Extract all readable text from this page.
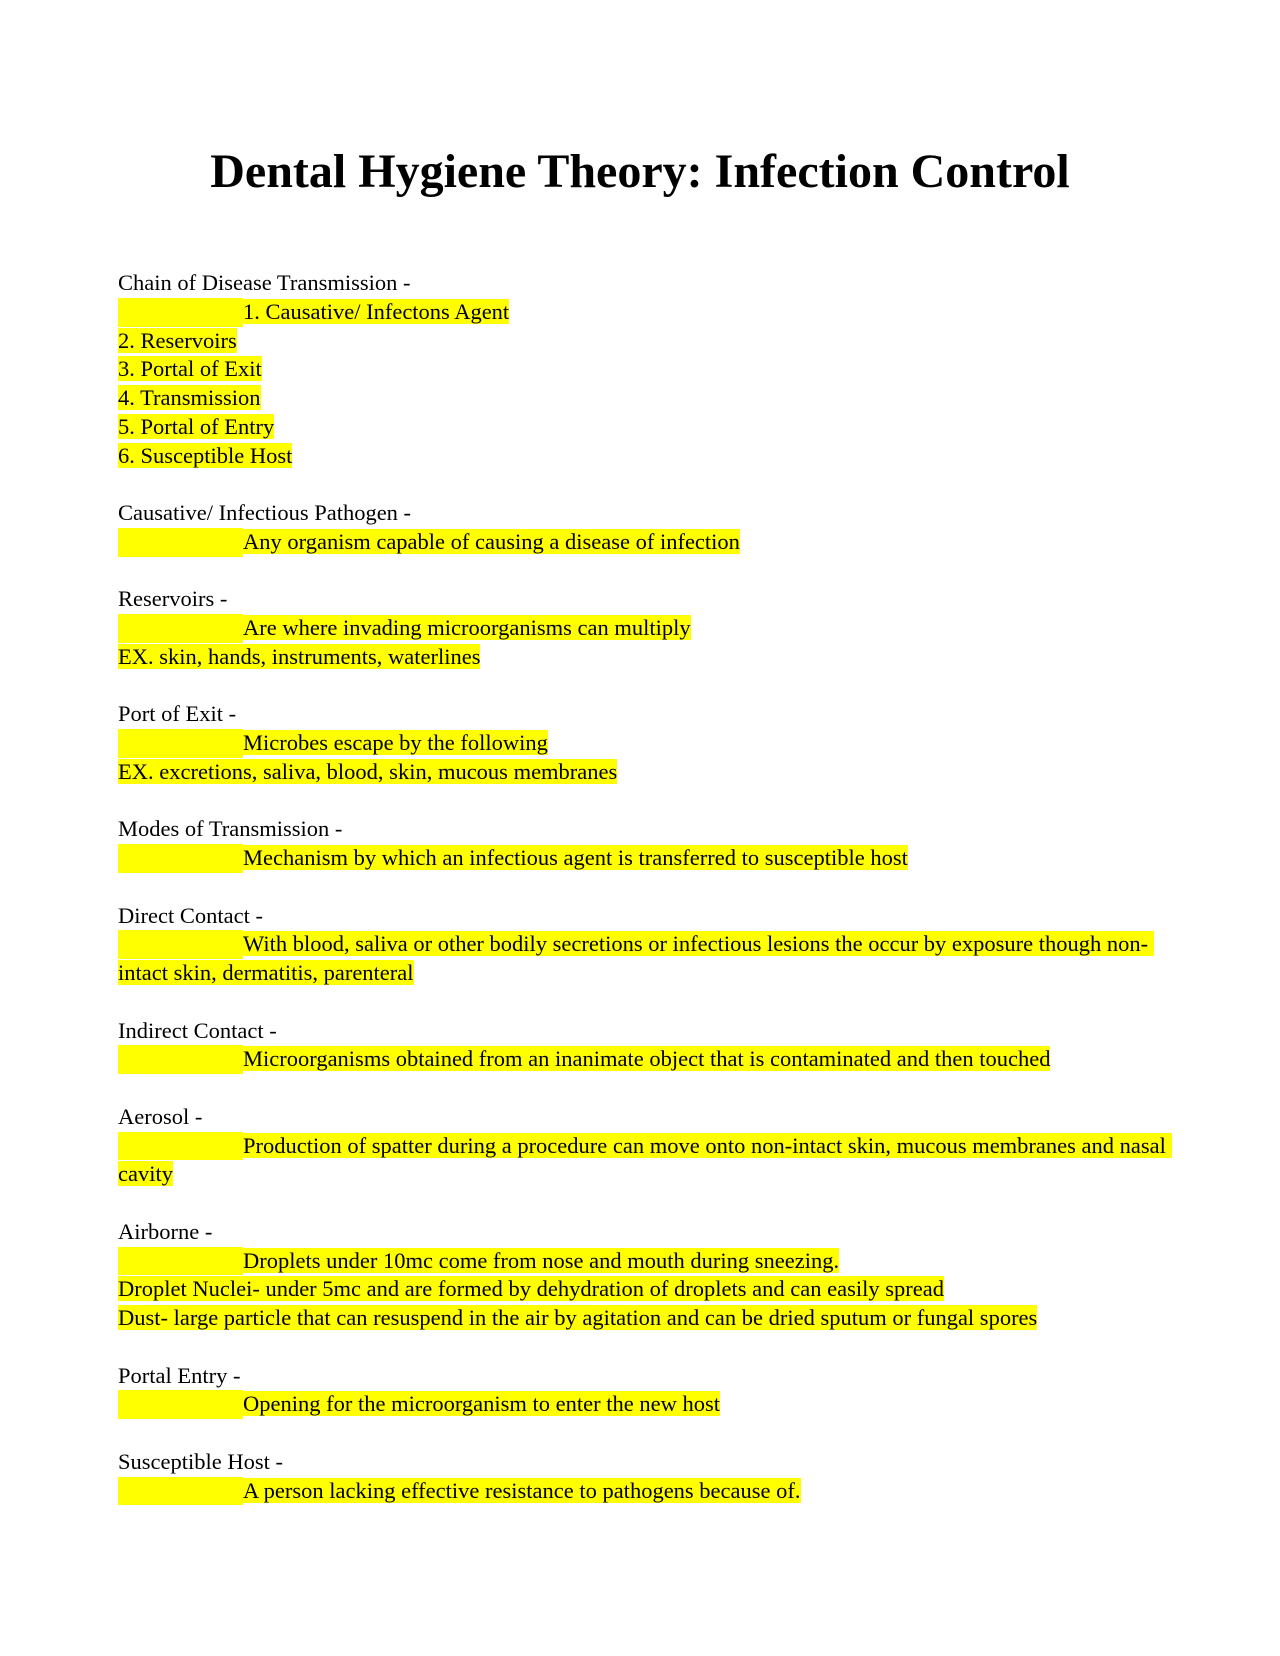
Dental Hygiene Theory: Infection Control
Chain of Disease Transmission -
1. Causative/ Infectons Agent
2. Reservoirs
3. Portal of Exit
4. Transmission
5. Portal of Entry
6. Susceptible Host
Causative/ Infectious Pathogen -
Any organism capable of causing a disease of infection
Reservoirs -
Are where invading microorganisms can multiply
EX. skin, hands, instruments, waterlines
Port of Exit -
Microbes escape by the following
EX. excretions, saliva, blood, skin, mucous membranes
Modes of Transmission -
Mechanism by which an infectious agent is transferred to susceptible host
Direct Contact -
With blood, saliva or other bodily secretions or infectious lesions the occur by exposure though non- intact skin, dermatitis, parenteral
Indirect Contact -
Microorganisms obtained from an inanimate object that is contaminated and then touched
Aerosol -
Production of spatter during a procedure can move onto non-intact skin, mucous membranes and nasal cavity
Airborne -
Droplets under 10mc come from nose and mouth during sneezing.
Droplet Nuclei- under 5mc and are formed by dehydration of droplets and can easily spread
Dust- large particle that can resuspend in the air by agitation and can be dried sputum or fungal spores
Portal Entry -
Opening for the microorganism to enter the new host
Susceptible Host -
A person lacking effective resistance to pathogens because of.
